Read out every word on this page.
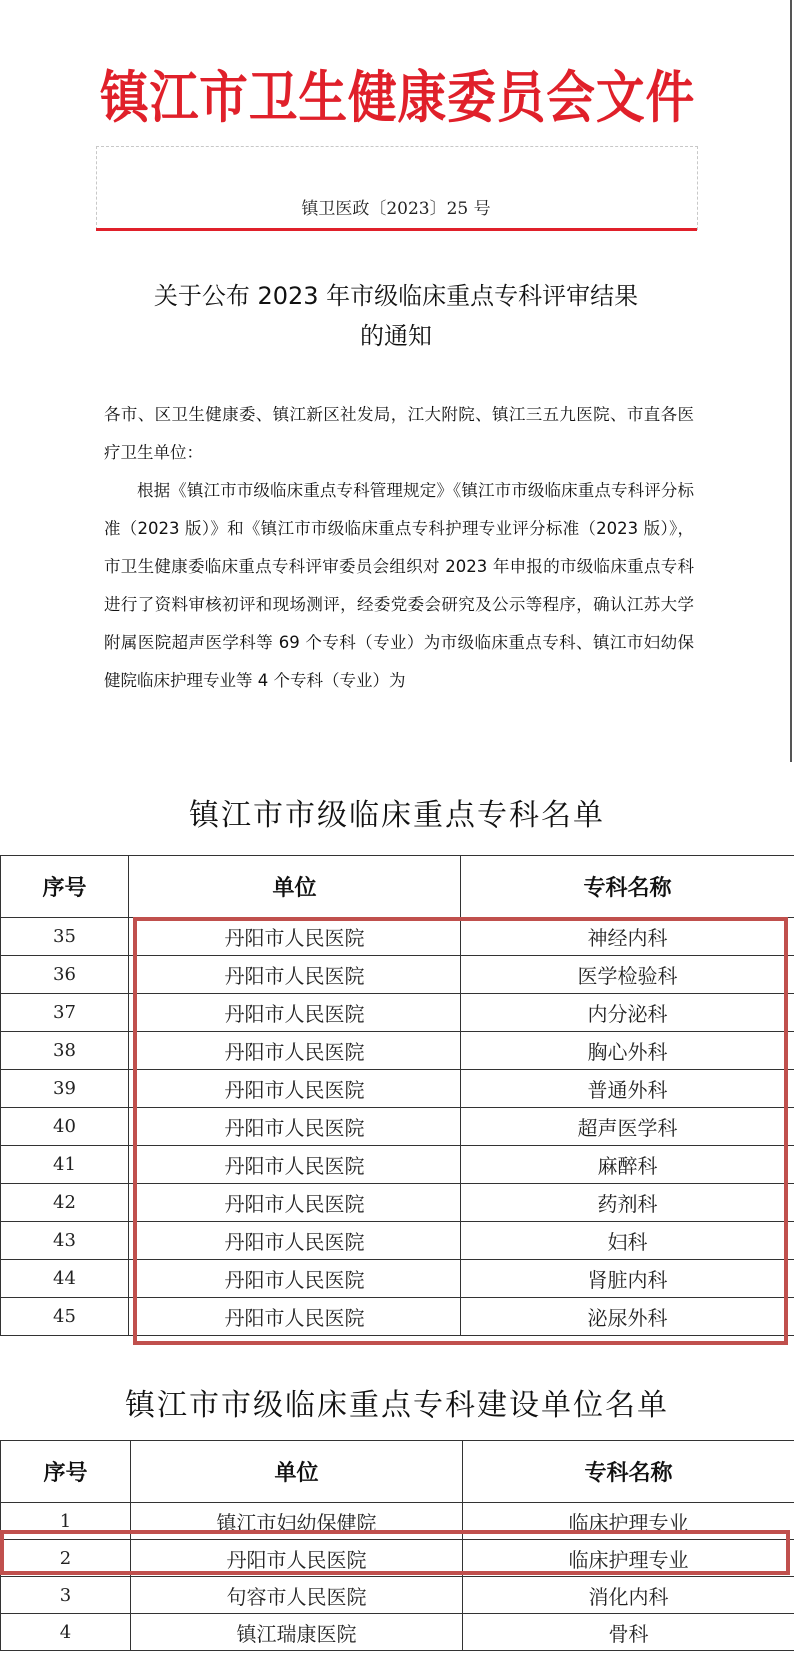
镇江市卫生健康委员会文件
镇卫医政〔2023〕25 号
关于公布 2023 年市级临床重点专科评审结果
的通知

各市、区卫生健康委、镇江新区社发局，江大附院、镇江三五九医院、市直各医疗卫生单位：

根据《镇江市市级临床重点专科管理规定》《镇江市市级临床重点专科评分标准（2023 版）》和《镇江市市级临床重点专科护理专业评分标准（2023 版）》，市卫生健康委临床重点专科评审委员会组织对 2023 年申报的市级临床重点专科进行了资料审核初评和现场测评，经委党委会研究及公示等程序，确认江苏大学附属医院超声医学科等 69 个专科（专业）为市级临床重点专科、镇江市妇幼保健院临床护理专业等 4 个专科（专业）为

镇江市市级临床重点专科名单
序号	单位	专科名称
35	丹阳市人民医院	神经内科
36	丹阳市人民医院	医学检验科
37	丹阳市人民医院	内分泌科
38	丹阳市人民医院	胸心外科
39	丹阳市人民医院	普通外科
40	丹阳市人民医院	超声医学科
41	丹阳市人民医院	麻醉科
42	丹阳市人民医院	药剂科
43	丹阳市人民医院	妇科
44	丹阳市人民医院	肾脏内科
45	丹阳市人民医院	泌尿外科
镇江市市级临床重点专科建设单位名单
序号	单位	专科名称
1	镇江市妇幼保健院	临床护理专业
2	丹阳市人民医院	临床护理专业
3	句容市人民医院	消化内科
4	镇江瑞康医院	骨科
